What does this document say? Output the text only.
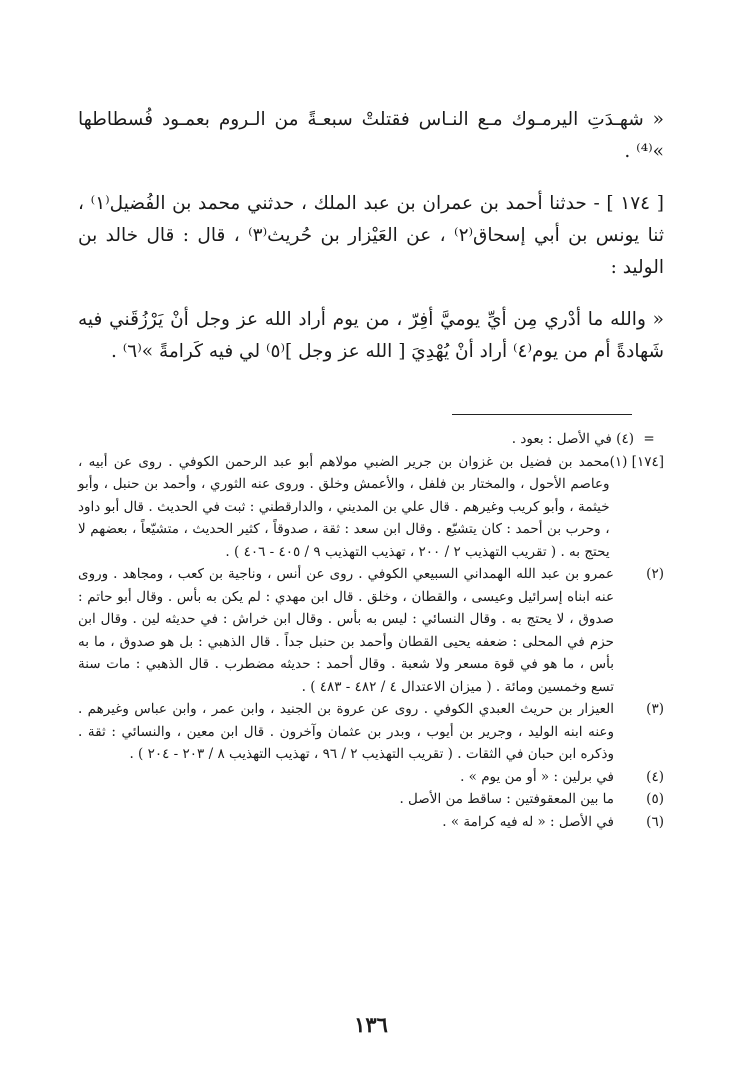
« شهـدَتِ اليرمـوك مـع النـاس فقتلتْ سبعـةً من الـروم بعمـود فُسطاطها »⁽⁴⁾ .

[ ١٧٤ ] - حدثنا أحمد بن عمران بن عبد الملك ، حدثني محمد بن الفُضيل⁽١⁾ ، ثنا يونس بن أبي إسحاق⁽٢⁾ ، عن العَيْزار بن حُريث⁽٣⁾ ، قال : قال خالد بن الوليد :

« والله ما أدْري مِن أيِّ يوميَّ أفِرّ ، من يوم أراد الله عز وجل أنْ يَرْزُقَني فيه شَهادةً أم من يوم⁽٤⁾ أراد أنْ يُهْدِيَ [ الله عز وجل ]⁽٥⁾ لي فيه كَرامةً »⁽٦⁾ .

=
(٤) في الأصل : بعود .
[١٧٤] (١)
محمد بن فضيل بن غزوان بن جرير الضبي مولاهم أبو عبد الرحمن الكوفي . روى عن أبيه ، وعاصم الأحول ، والمختار بن فلفل ، والأعمش وخلق . وروى عنه الثوري ، وأحمد بن حنبل ، وأبو خيثمة ، وأبو كريب وغيرهم . قال علي بن المديني ، والدارقطني : ثبت في الحديث . قال أبو داود ، وحرب بن أحمد : كان يتشيّع . وقال ابن سعد : ثقة ، صدوقاً ، كثير الحديث ، متشيّعاً ، بعضهم لا يحتج به . ( تقريب التهذيب ٢ / ٢٠٠ ، تهذيب التهذيب ٩ / ٤٠٥ - ٤٠٦ ) .
(٢)
عمرو بن عبد الله الهمداني السبيعي الكوفي . روى عن أنس ، وناجية بن كعب ، ومجاهد . وروى عنه ابناه إسرائيل وعيسى ، والقطان ، وخلق . قال ابن مهدي : لم يكن به بأس . وقال أبو حاتم : صدوق ، لا يحتج به . وقال النسائي : ليس به بأس . وقال ابن خراش : في حديثه لين . وقال ابن حزم في المحلى : ضعفه يحيى القطان وأحمد بن حنبل جداً . قال الذهبي : بل هو صدوق ، ما به بأس ، ما هو في قوة مسعر ولا شعبة . وقال أحمد : حديثه مضطرب . قال الذهبي : مات سنة تسع وخمسين ومائة . ( ميزان الاعتدال ٤ / ٤٨٢ - ٤٨٣ ) .
(٣)
العيزار بن حريث العبدي الكوفي . روى عن عروة بن الجنيد ، وابن عمر ، وابن عباس وغيرهم . وعنه ابنه الوليد ، وجرير بن أيوب ، وبدر بن عثمان وآخرون . قال ابن معين ، والنسائي : ثقة . وذكره ابن حبان في الثقات . ( تقريب التهذيب ٢ / ٩٦ ، تهذيب التهذيب ٨ / ٢٠٣ - ٢٠٤ ) .
(٤)
في برلين : « أو من يوم » .
(٥)
ما بين المعقوفتين : ساقط من الأصل .
(٦)
في الأصل : « له فيه كرامة » .
١٣٦
